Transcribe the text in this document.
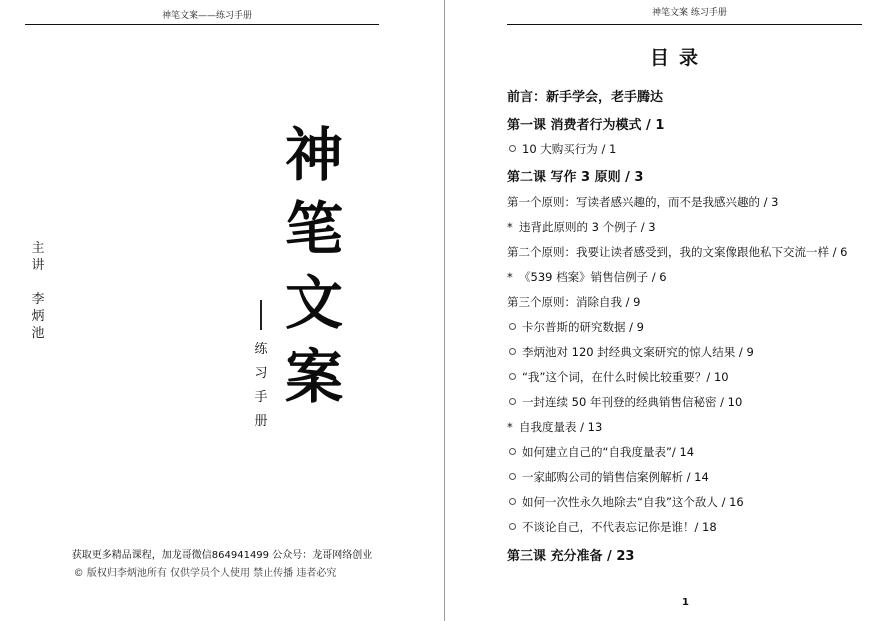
神笔文案——练习手册
主
讲
李
炳
池
神
笔
文
案
练
习
手
册
获取更多精品课程，加龙哥微信864941499 公众号：龙哥网络创业
© 版权归李炳池所有 仅供学员个人使用 禁止传播 违者必究
神笔文案 练习手册
目录
前言：新手学会，老手腾达
第一课 消费者行为模式 / 1
10 大购买行为 / 1
第二课 写作 3 原则 / 3
第一个原则：写读者感兴趣的，而不是我感兴趣的 / 3
* 违背此原则的 3 个例子 / 3
第二个原则：我要让读者感受到，我的文案像跟他私下交流一样 / 6
* 《539 档案》销售信例子 / 6
第三个原则：消除自我 / 9
卡尔普斯的研究数据 / 9
李炳池对 120 封经典文案研究的惊人结果 / 9
“我”这个词，在什么时候比较重要？/ 10
一封连续 50 年刊登的经典销售信秘密 / 10
* 自我度量表 / 13
如何建立自己的“自我度量表”/ 14
一家邮购公司的销售信案例解析 / 14
如何一次性永久地除去“自我”这个敌人 / 16
不谈论自己，不代表忘记你是谁！/ 18
第三课 充分准备 / 23
1
